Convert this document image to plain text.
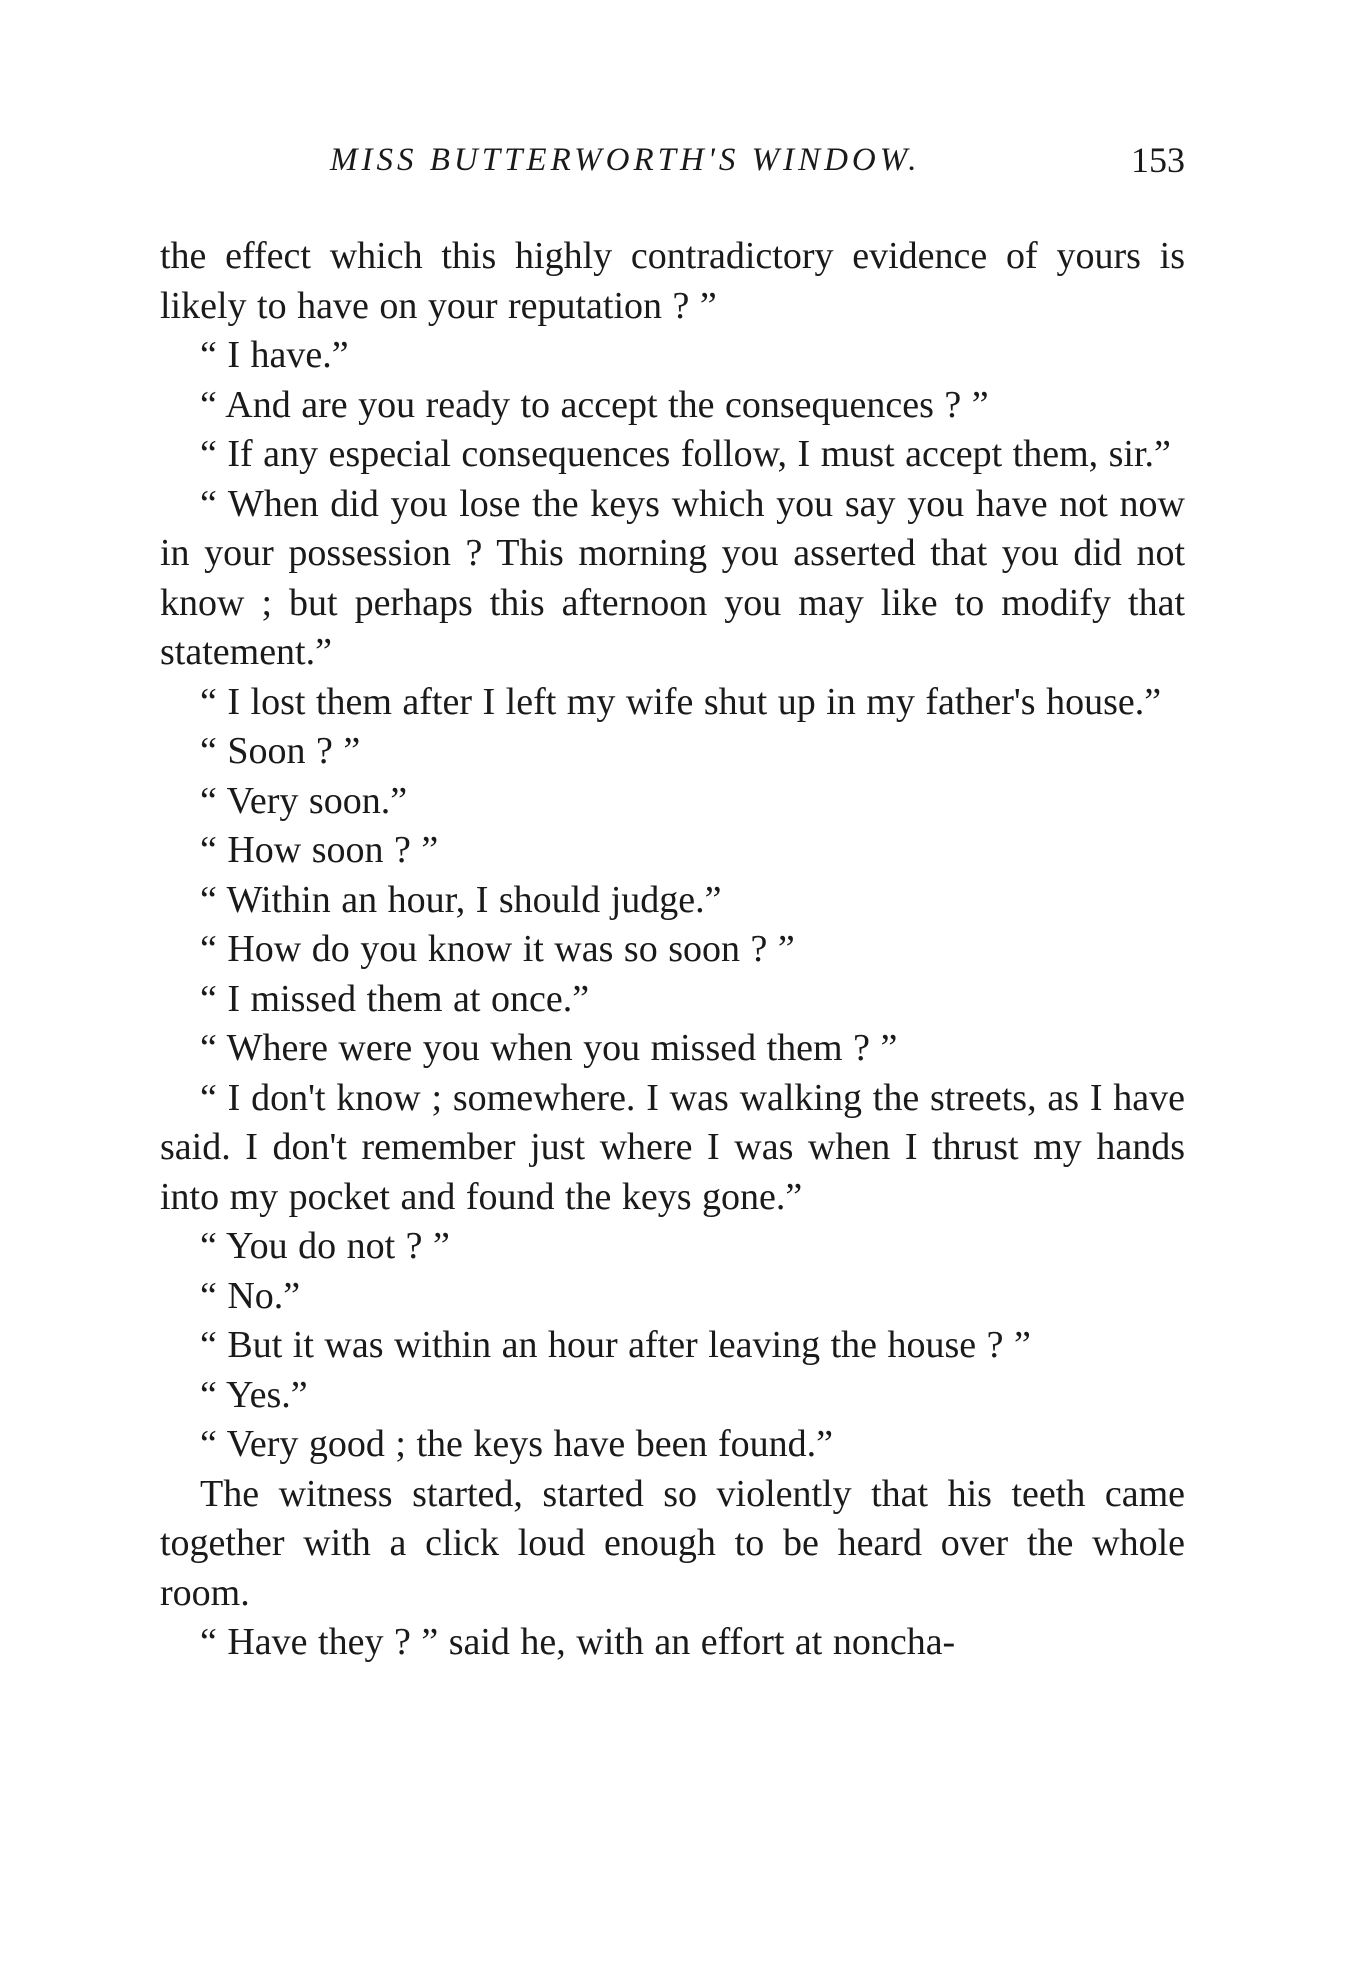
MISS BUTTERWORTH'S WINDOW.	153

the effect which this highly contradictory evidence of yours is likely to have on your reputation ? ”

“ I have.”

“ And are you ready to accept the consequences ? ”

“ If any especial consequences follow, I must accept them, sir.”

“ When did you lose the keys which you say you have not now in your possession ? This morning you asserted that you did not know ; but perhaps this afternoon you may like to modify that statement.”

“ I lost them after I left my wife shut up in my father's house.”

“ Soon ? ”

“ Very soon.”

“ How soon ? ”

“ Within an hour, I should judge.”

“ How do you know it was so soon ? ”

“ I missed them at once.”

“ Where were you when you missed them ? ”

“ I don't know ; somewhere. I was walking the streets, as I have said. I don't remember just where I was when I thrust my hands into my pocket and found the keys gone.”

“ You do not ? ”

“ No.”

“ But it was within an hour after leaving the house ? ”

“ Yes.”

“ Very good ; the keys have been found.”

The witness started, started so violently that his teeth came together with a click loud enough to be heard over the whole room.

“ Have they ? ” said he, with an effort at noncha-
